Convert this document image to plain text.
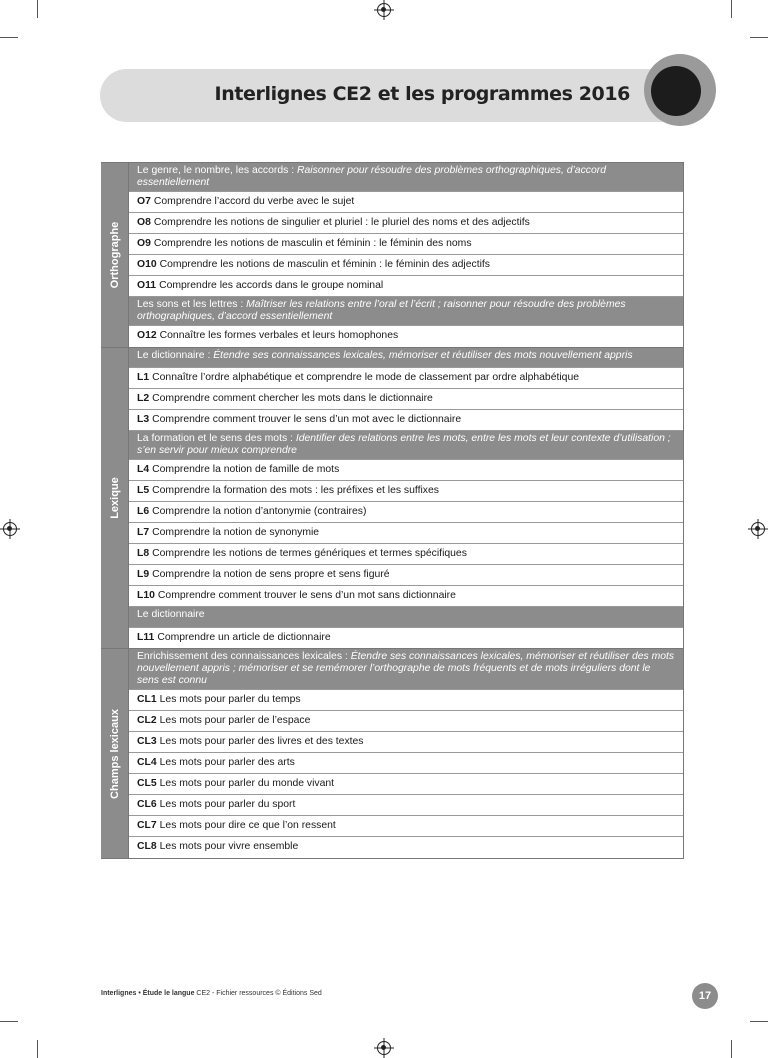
Interlignes CE2 et les programmes 2016
Orthographe
Le genre, le nombre, les accords : Raisonner pour résoudre des problèmes orthographiques, d’accord essentiellement
O7 Comprendre l’accord du verbe avec le sujet
O8 Comprendre les notions de singulier et pluriel : le pluriel des noms et des adjectifs
O9 Comprendre les notions de masculin et féminin : le féminin des noms
O10 Comprendre les notions de masculin et féminin : le féminin des adjectifs
O11 Comprendre les accords dans le groupe nominal
Les sons et les lettres : Maîtriser les relations entre l’oral et l’écrit ; raisonner pour résoudre des problèmes orthographiques, d’accord essentiellement
O12 Connaître les formes verbales et leurs homophones
Lexique
Le dictionnaire : Étendre ses connaissances lexicales, mémoriser et réutiliser des mots nouvellement appris
L1 Connaître l’ordre alphabétique et comprendre le mode de classement par ordre alphabétique
L2 Comprendre comment chercher les mots dans le dictionnaire
L3 Comprendre comment trouver le sens d’un mot avec le dictionnaire
La formation et le sens des mots : Identifier des relations entre les mots, entre les mots et leur contexte d’utilisation ; s’en servir pour mieux comprendre
L4 Comprendre la notion de famille de mots
L5 Comprendre la formation des mots : les préfixes et les suffixes
L6 Comprendre la notion d’antonymie (contraires)
L7 Comprendre la notion de synonymie
L8 Comprendre les notions de termes génériques et termes spécifiques
L9 Comprendre la notion de sens propre et sens figuré
L10 Comprendre comment trouver le sens d’un mot sans dictionnaire
Le dictionnaire
L11 Comprendre un article de dictionnaire
Champs lexicaux
Enrichissement des connaissances lexicales : Étendre ses connaissances lexicales, mémoriser et réutiliser des mots nouvellement appris ; mémoriser et se remémorer l’orthographe de mots fréquents et de mots irréguliers dont le sens est connu
CL1 Les mots pour parler du temps
CL2 Les mots pour parler de l’espace
CL3 Les mots pour parler des livres et des textes
CL4 Les mots pour parler des arts
CL5 Les mots pour parler du monde vivant
CL6 Les mots pour parler du sport
CL7 Les mots pour dire ce que l’on ressent
CL8 Les mots pour vivre ensemble
Interlignes • Étude le langue CE2 - Fichier ressources © Éditions Sed	17
